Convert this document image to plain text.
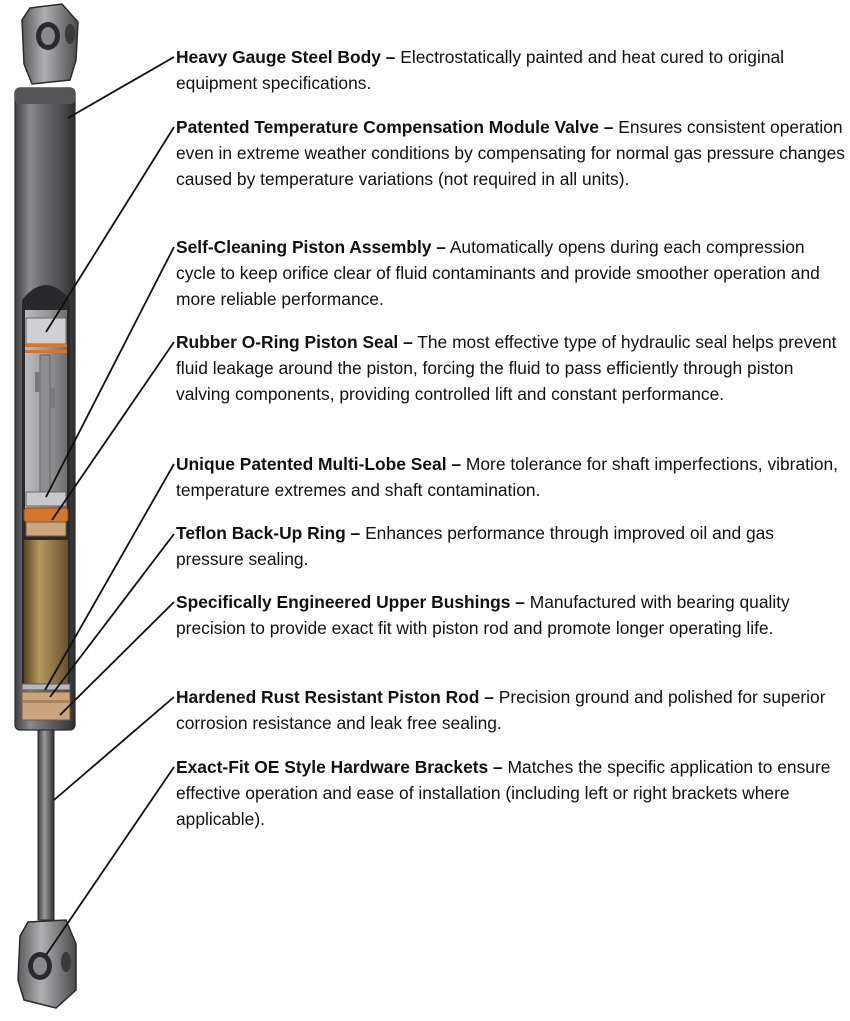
Heavy Gauge Steel Body – Electrostatically painted and heat cured to original equipment specifications.

Patented Temperature Compensation Module Valve – Ensures consistent operation even in extreme weather conditions by compensating for normal gas pressure changes caused by temperature variations (not required in all units).

Self-Cleaning Piston Assembly – Automatically opens during each compression cycle to keep orifice clear of fluid contaminants and provide smoother operation and more reliable performance.

Rubber O-Ring Piston Seal – The most effective type of hydraulic seal helps prevent fluid leakage around the piston, forcing the fluid to pass efficiently through piston valving components, providing controlled lift and constant performance.

Unique Patented Multi-Lobe Seal – More tolerance for shaft imperfections, vibration, temperature extremes and shaft contamination.

Teflon Back-Up Ring – Enhances performance through improved oil and gas pressure sealing.

Specifically Engineered Upper Bushings – Manufactured with bearing quality precision to provide exact fit with piston rod and promote longer operating life.

Hardened Rust Resistant Piston Rod – Precision ground and polished for superior corrosion resistance and leak free sealing.

Exact-Fit OE Style Hardware Brackets – Matches the specific application to ensure effective operation and ease of installation (including left or right brackets where applicable).
